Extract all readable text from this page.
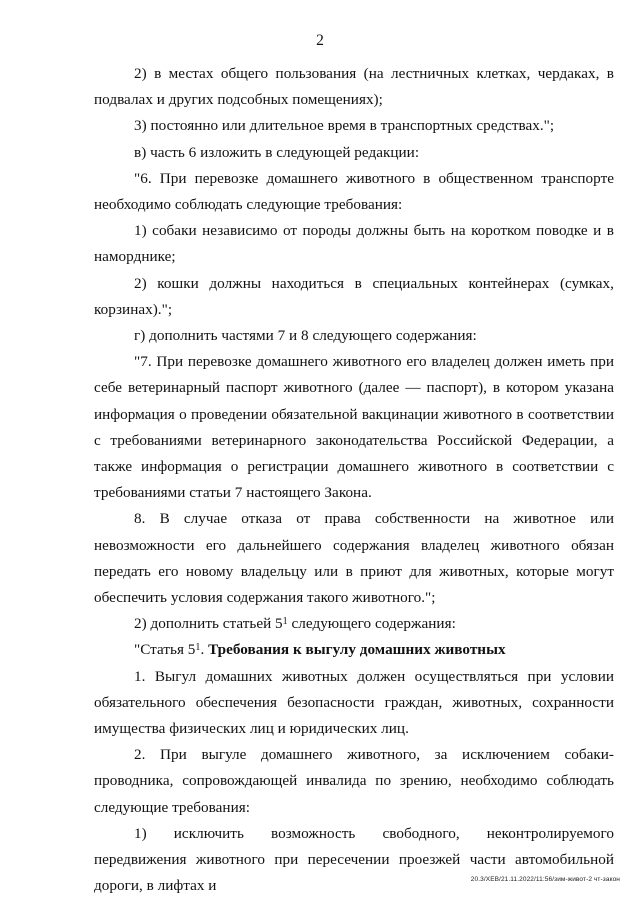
2

2) в местах общего пользования (на лестничных клетках, чердаках, в подвалах и других подсобных помещениях);

3) постоянно или длительное время в транспортных средствах.";

в) часть 6 изложить в следующей редакции:

"6. При перевозке домашнего животного в общественном транспорте необходимо соблюдать следующие требования:

1) собаки независимо от породы должны быть на коротком поводке и в наморднике;

2) кошки должны находиться в специальных контейнерах (сумках, корзинах).";

г) дополнить частями 7 и 8 следующего содержания:

"7. При перевозке домашнего животного его владелец должен иметь при себе ветеринарный паспорт животного (далее — паспорт), в котором указана информация о проведении обязательной вакцинации животного в соответствии с требованиями ветеринарного законодательства Российской Федерации, а также информация о регистрации домашнего животного в соответствии с требованиями статьи 7 настоящего Закона.

8. В случае отказа от права собственности на животное или невозможности его дальнейшего содержания владелец животного обязан передать его новому владельцу или в приют для животных, которые могут обеспечить условия содержания такого животного.";

2) дополнить статьей $5^1$ следующего содержания:

"Статья $5^1$. Требования к выгулу домашних животных

1. Выгул домашних животных должен осуществляться при условии обязательного обеспечения безопасности граждан, животных, сохранности имущества физических лиц и юридических лиц.

2. При выгуле домашнего животного, за исключением собаки-проводника, сопровождающей инвалида по зрению, необходимо соблюдать следующие требования:

1) исключить возможность свободного, неконтролируемого передвижения животного при пересечении проезжей части автомобильной дороги, в лифтах и	20.3/ХЕВ/21.11.2022/11:56/зим-живот-2 чт-закон
